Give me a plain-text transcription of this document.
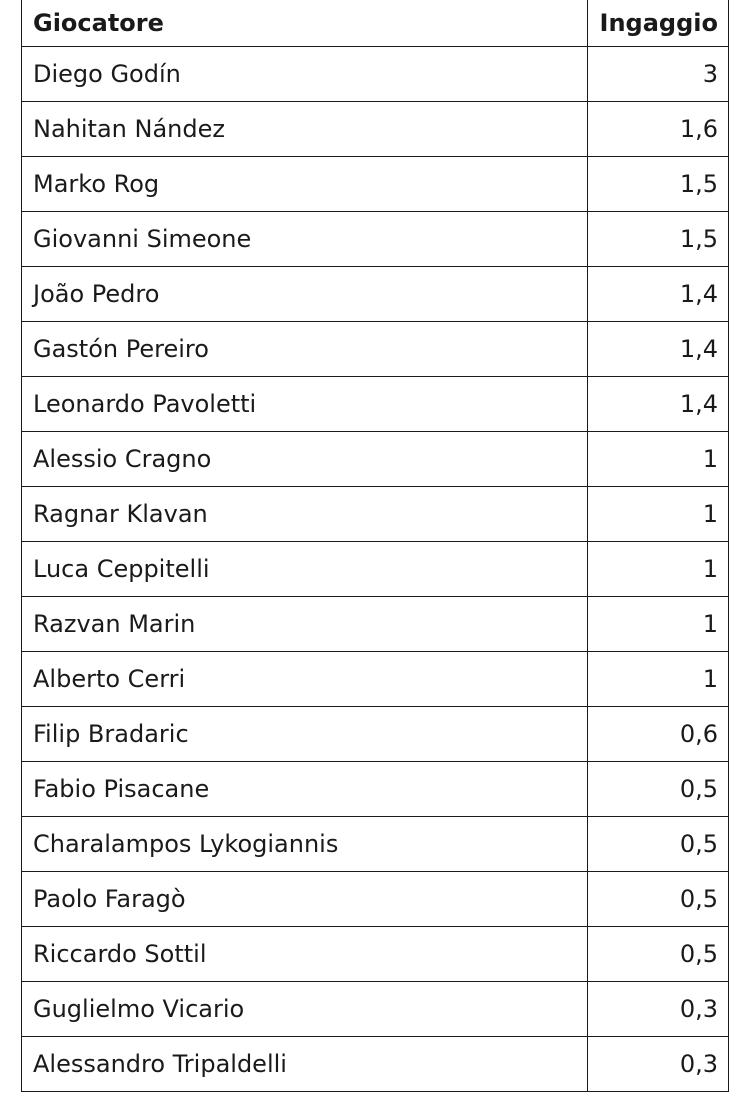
Giocatore	Ingaggio
Diego Godín	3
Nahitan Nández	1,6
Marko Rog	1,5
Giovanni Simeone	1,5
João Pedro	1,4
Gastón Pereiro	1,4
Leonardo Pavoletti	1,4
Alessio Cragno	1
Ragnar Klavan	1
Luca Ceppitelli	1
Razvan Marin	1
Alberto Cerri	1
Filip Bradaric	0,6
Fabio Pisacane	0,5
Charalampos Lykogiannis	0,5
Paolo Faragò	0,5
Riccardo Sottil	0,5
Guglielmo Vicario	0,3
Alessandro Tripaldelli	0,3
